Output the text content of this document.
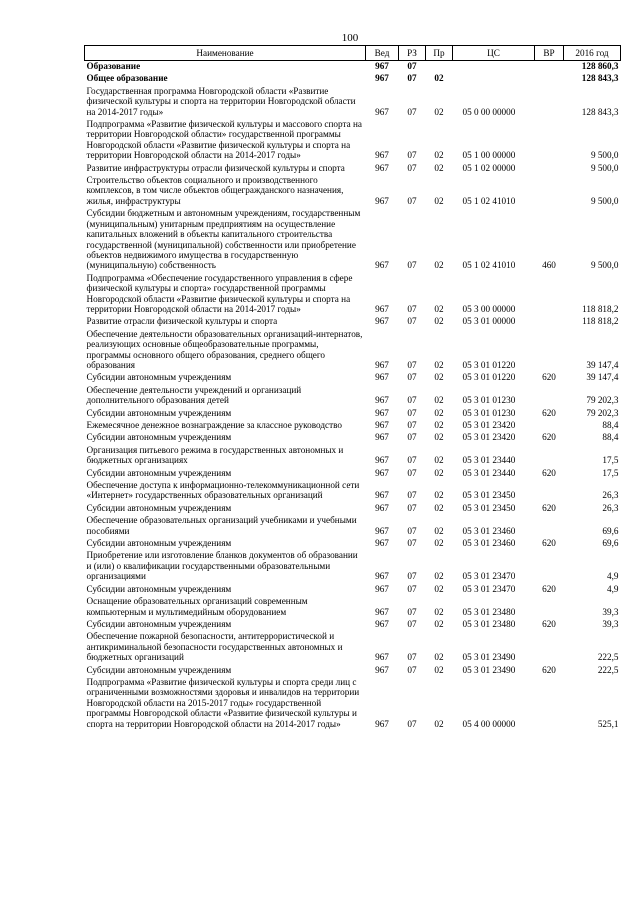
100
Наименование	Вед	РЗ	Пр	ЦС	ВР	2016 год
Образование	967	07				128 860,3
Общее образование	967	07	02			128 843,3
Государственная программа Новгородской области «Развитие физической культуры и спорта на территории Новгородской области на 2014-2017 годы»	967	07	02	05 0 00 00000		128 843,3
Подпрограмма «Развитие физической культуры и массового спорта на территории Новгородской области» государственной программы Новгородской области «Развитие физической культуры и спорта на территории Новгородской области на 2014-2017 годы»	967	07	02	05 1 00 00000		9 500,0
Развитие инфраструктуры отрасли физической культуры и спорта	967	07	02	05 1 02 00000		9 500,0
Строительство объектов социального и производственного комплексов, в том числе объектов общегражданского назначения, жилья, инфраструктуры	967	07	02	05 1 02 41010		9 500,0
Субсидии бюджетным и автономным учреждениям, государственным (муниципальным) унитарным предприятиям на осуществление капитальных вложений в объекты капитального строительства государственной (муниципальной) собственности или приобретение объектов недвижимого имущества в государственную (муниципальную) собственность	967	07	02	05 1 02 41010	460	9 500,0
Подпрограмма «Обеспечение государственного управления в сфере физической культуры и спорта» государственной программы Новгородской области «Развитие физической культуры и спорта на территории Новгородской области на 2014-2017 годы»	967	07	02	05 3 00 00000		118 818,2
Развитие отрасли физической культуры и спорта	967	07	02	05 3 01 00000		118 818,2
Обеспечение деятельности образовательных организаций-интернатов, реализующих основные общеобразовательные программы, программы основного общего образования, среднего общего образования	967	07	02	05 3 01 01220		39 147,4
Субсидии автономным учреждениям	967	07	02	05 3 01 01220	620	39 147,4
Обеспечение деятельности учреждений и организаций дополнительного образования детей	967	07	02	05 3 01 01230		79 202,3
Субсидии автономным учреждениям	967	07	02	05 3 01 01230	620	79 202,3
Ежемесячное денежное вознаграждение за классное руководство	967	07	02	05 3 01 23420		88,4
Субсидии автономным учреждениям	967	07	02	05 3 01 23420	620	88,4
Организация питьевого режима в государственных автономных и бюджетных организациях	967	07	02	05 3 01 23440		17,5
Субсидии автономным учреждениям	967	07	02	05 3 01 23440	620	17,5
Обеспечение доступа к информационно-телекоммуникационной сети «Интернет» государственных образовательных организаций	967	07	02	05 3 01 23450		26,3
Субсидии автономным учреждениям	967	07	02	05 3 01 23450	620	26,3
Обеспечение образовательных организаций учебниками и учебными пособиями	967	07	02	05 3 01 23460		69,6
Субсидии автономным учреждениям	967	07	02	05 3 01 23460	620	69,6
Приобретение или изготовление бланков документов об образовании и (или) о квалификации государственными образовательными организациями	967	07	02	05 3 01 23470		4,9
Субсидии автономным учреждениям	967	07	02	05 3 01 23470	620	4,9
Оснащение образовательных организаций современным компьютерным и мультимедийным оборудованием	967	07	02	05 3 01 23480		39,3
Субсидии автономным учреждениям	967	07	02	05 3 01 23480	620	39,3
Обеспечение пожарной безопасности, антитеррористической и антикриминальной безопасности государственных автономных и бюджетных организаций	967	07	02	05 3 01 23490		222,5
Субсидии автономным учреждениям	967	07	02	05 3 01 23490	620	222,5
Подпрограмма «Развитие физической культуры и спорта среди лиц с ограниченными возможностями здоровья и инвалидов на территории Новгородской области на 2015-2017 годы» государственной программы Новгородской области «Развитие физической культуры и спорта на территории Новгородской области на 2014-2017 годы»	967	07	02	05 4 00 00000		525,1
